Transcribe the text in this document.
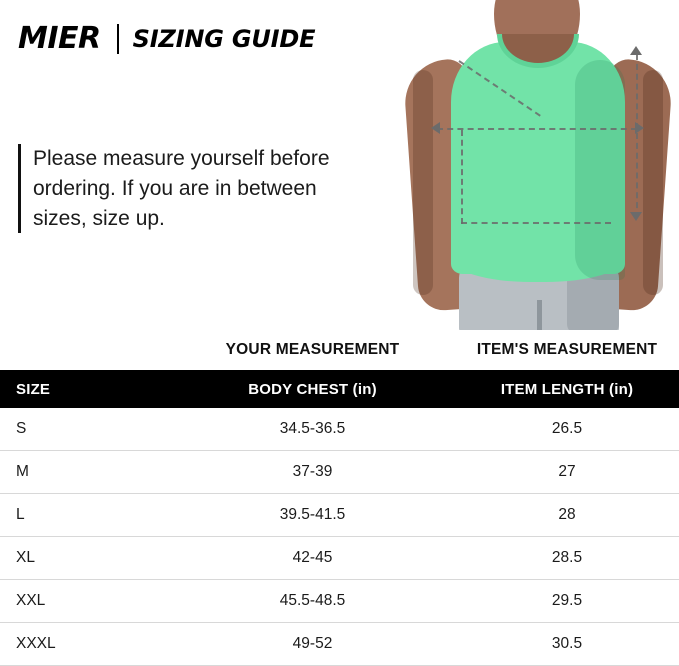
MIER SIZING GUIDE
Please measure yourself before ordering. If you are in between sizes, size up.
YOUR MEASUREMENT	ITEM'S MEASUREMENT
SIZE	BODY CHEST (in)	ITEM LENGTH (in)
S	34.5-36.5	26.5
M	37-39	27
L	39.5-41.5	28
XL	42-45	28.5
XXL	45.5-48.5	29.5
XXXL	49-52	30.5
